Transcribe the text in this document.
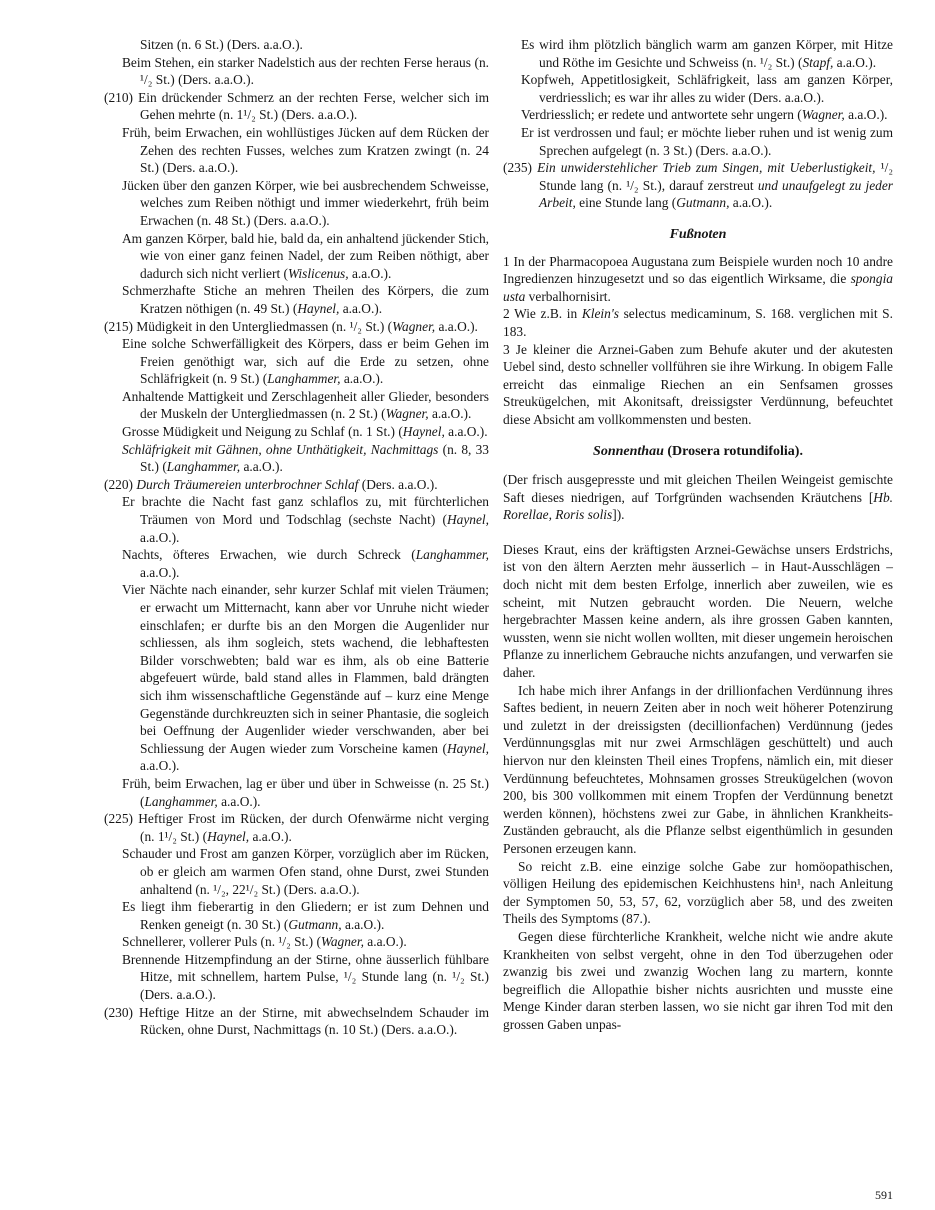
Sitzen (n. 6 St.) (Ders. a.a.O.).

Beim Stehen, ein starker Nadelstich aus der rechten Ferse heraus (n. ¹/₂ St.) (Ders. a.a.O.).

(210) Ein drückender Schmerz an der rechten Ferse, welcher sich im Gehen mehrte (n. 1¹/₂ St.) (Ders. a.a.O.).

Früh, beim Erwachen, ein wohllüstiges Jücken auf dem Rücken der Zehen des rechten Fusses, welches zum Kratzen zwingt (n. 24 St.) (Ders. a.a.O.).

Jücken über den ganzen Körper, wie bei ausbrechendem Schweisse, welches zum Reiben nöthigt und immer wiederkehrt, früh beim Erwachen (n. 48 St.) (Ders. a.a.O.).

Am ganzen Körper, bald hie, bald da, ein anhaltend jückender Stich, wie von einer ganz feinen Nadel, der zum Reiben nöthigt, aber dadurch sich nicht verliert (Wislicenus, a.a.O.).

Schmerzhafte Stiche an mehren Theilen des Körpers, die zum Kratzen nöthigen (n. 49 St.) (Haynel, a.a.O.).

(215) Müdigkeit in den Untergliedmassen (n. ¹/₂ St.) (Wagner, a.a.O.).

Eine solche Schwerfälligkeit des Körpers, dass er beim Gehen im Freien genöthigt war, sich auf die Erde zu setzen, ohne Schläfrigkeit (n. 9 St.) (Langhammer, a.a.O.).

Anhaltende Mattigkeit und Zerschlagenheit aller Glieder, besonders der Muskeln der Untergliedmassen (n. 2 St.) (Wagner, a.a.O.).

Grosse Müdigkeit und Neigung zu Schlaf (n. 1 St.) (Haynel, a.a.O.).

Schläfrigkeit mit Gähnen, ohne Unthätigkeit, Nachmittags (n. 8, 33 St.) (Langhammer, a.a.O.).

(220) Durch Träumereien unterbrochner Schlaf (Ders. a.a.O.).

Er brachte die Nacht fast ganz schlaflos zu, mit fürchterlichen Träumen von Mord und Todschlag (sechste Nacht) (Haynel, a.a.O.).

Nachts, öfteres Erwachen, wie durch Schreck (Langhammer, a.a.O.).

Vier Nächte nach einander, sehr kurzer Schlaf mit vielen Träumen; er erwacht um Mitternacht, kann aber vor Unruhe nicht wieder einschlafen; er durfte bis an den Morgen die Augenlider nur schliessen, als ihm sogleich, stets wachend, die lebhaftesten Bilder vorschwebten; bald war es ihm, als ob eine Batterie abgefeuert würde, bald stand alles in Flammen, bald drängten sich ihm wissenschaftliche Gegenstände auf – kurz eine Menge Gegenstände durchkreuzten sich in seiner Phantasie, die sogleich bei Oeffnung der Augenlider wieder verschwanden, aber bei Schliessung der Augen wieder zum Vorscheine kamen (Haynel, a.a.O.).

Früh, beim Erwachen, lag er über und über in Schweisse (n. 25 St.) (Langhammer, a.a.O.).

(225) Heftiger Frost im Rücken, der durch Ofenwärme nicht verging (n. 1¹/₂ St.) (Haynel, a.a.O.).

Schauder und Frost am ganzen Körper, vorzüglich aber im Rücken, ob er gleich am warmen Ofen stand, ohne Durst, zwei Stunden anhaltend (n. ¹/₂, 22¹/₂ St.) (Ders. a.a.O.).

Es liegt ihm fieberartig in den Gliedern; er ist zum Dehnen und Renken geneigt (n. 30 St.) (Gutmann, a.a.O.).

Schnellerer, vollerer Puls (n. ¹/₂ St.) (Wagner, a.a.O.).

Brennende Hitzempfindung an der Stirne, ohne äusserlich fühlbare Hitze, mit schnellem, hartem Pulse, ¹/₂ Stunde lang (n. ¹/₂ St.) (Ders. a.a.O.).

(230) Heftige Hitze an der Stirne, mit abwechselndem Schauder im Rücken, ohne Durst, Nachmittags (n. 10 St.) (Ders. a.a.O.).

Es wird ihm plötzlich bänglich warm am ganzen Körper, mit Hitze und Röthe im Gesichte und Schweiss (n. ¹/₂ St.) (Stapf, a.a.O.).

Kopfweh, Appetitlosigkeit, Schläfrigkeit, lass am ganzen Körper, verdriesslich; es war ihr alles zu wider (Ders. a.a.O.).

Verdriesslich; er redete und antwortete sehr ungern (Wagner, a.a.O.).

Er ist verdrossen und faul; er möchte lieber ruhen und ist wenig zum Sprechen aufgelegt (n. 3 St.) (Ders. a.a.O.).

(235) Ein unwiderstehlicher Trieb zum Singen, mit Ueberlustigkeit, ¹/₂ Stunde lang (n. ¹/₂ St.), darauf zerstreut und unaufgelegt zu jeder Arbeit, eine Stunde lang (Gutmann, a.a.O.).

Fußnoten

1 In der Pharmacopoea Augustana zum Beispiele wurden noch 10 andre Ingredienzen hinzugesetzt und so das eigentlich Wirksame, die spongia usta verbalhornisirt.

2 Wie z.B. in Klein's selectus medicaminum, S. 168. verglichen mit S. 183.

3 Je kleiner die Arznei-Gaben zum Behufe akuter und der akutesten Uebel sind, desto schneller vollführen sie ihre Wirkung. In obigem Falle erreicht das einmalige Riechen an ein Senfsamen grosses Streukügelchen, mit Akonitsaft, dreissigster Verdünnung, befeuchtet diese Absicht am vollkommensten und besten.

Sonnenthau (Drosera rotundifolia).

(Der frisch ausgepresste und mit gleichen Theilen Weingeist gemischte Saft dieses niedrigen, auf Torfgründen wachsenden Kräutchens [Hb. Rorellae, Roris solis]).

Dieses Kraut, eins der kräftigsten Arznei-Gewächse unsers Erdstrichs, ist von den ältern Aerzten mehr äusserlich – in Haut-Ausschlägen – doch nicht mit dem besten Erfolge, innerlich aber zuweilen, wie es scheint, mit Nutzen gebraucht worden. Die Neuern, welche hergebrachter Massen keine andern, als ihre grossen Gaben kannten, wussten, wenn sie nicht wollen wollten, mit dieser ungemein heroischen Pflanze zu innerlichem Gebrauche nichts anzufangen, und verwarfen sie daher.

Ich habe mich ihrer Anfangs in der drillionfachen Verdünnung ihres Saftes bedient, in neuern Zeiten aber in noch weit höherer Potenzirung und zuletzt in der dreissigsten (decillionfachen) Verdünnung (jedes Verdünnungsglas mit nur zwei Armschlägen geschüttelt) und auch hiervon nur den kleinsten Theil eines Tropfens, nämlich ein, mit dieser Verdünnung befeuchtetes, Mohnsamen grosses Streukügelchen (wovon 200, bis 300 vollkommen mit einem Tropfen der Verdünnung benetzt werden können), höchstens zwei zur Gabe, in ähnlichen Krankheits-Zuständen gebraucht, als die Pflanze selbst eigenthümlich in gesunden Personen erzeugen kann.

So reicht z.B. eine einzige solche Gabe zur homöopathischen, völligen Heilung des epidemischen Keichhustens hin¹, nach Anleitung der Symptomen 50, 53, 57, 62, vorzüglich aber 58, und des zweiten Theils des Symptoms (87.).

Gegen diese fürchterliche Krankheit, welche nicht wie andre akute Krankheiten von selbst vergeht, ohne in den Tod überzugehen oder zwanzig bis zwei und zwanzig Wochen lang zu martern, konnte begreiflich die Allopathie bisher nichts ausrichten und musste eine Menge Kinder daran sterben lassen, wo sie nicht gar ihren Tod mit den grossen Gaben unpas-

591
